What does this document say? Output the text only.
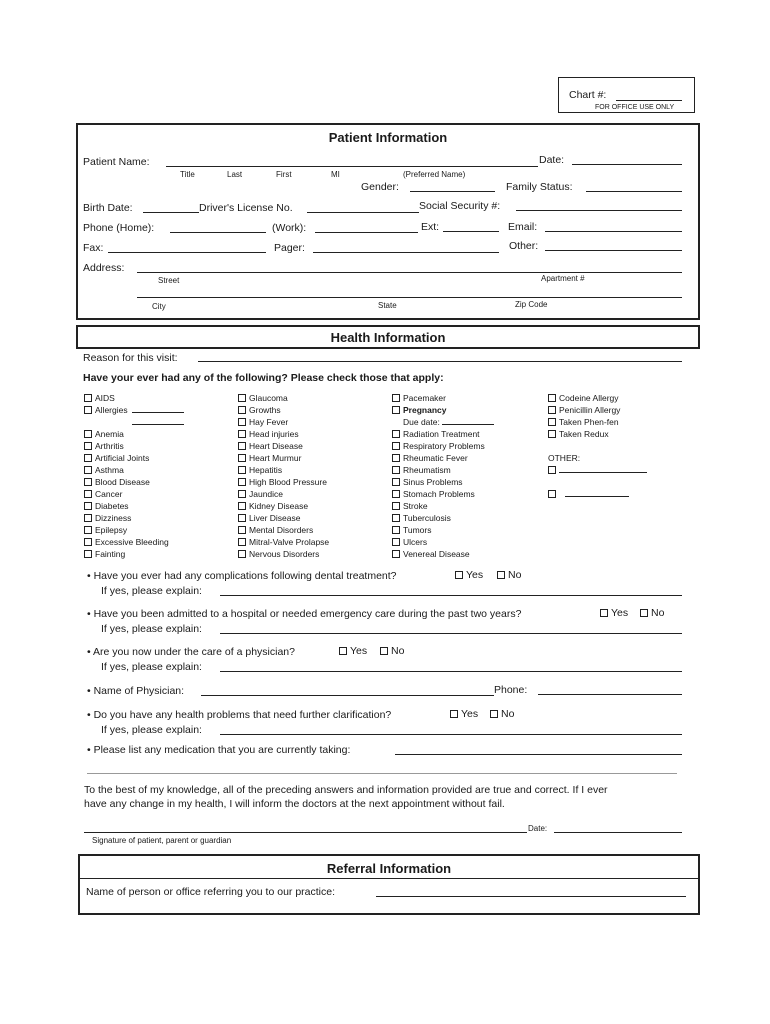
Chart #:
FOR OFFICE USE ONLY
Patient Information
Patient Name:	Date:
Title	Last	First	MI	(Preferred Name)
Gender:	Family Status:
Birth Date:	Driver's License No.	Social Security #:
Phone (Home):	(Work):	Ext:	Email:
Fax:	Pager:	Other:
Address:
Street	Apartment #
City	State	Zip Code
Health Information
Reason for this visit:
Have your ever had any of the following? Please check those that apply:
AIDS
Allergies
Anemia
Arthritis
Artificial Joints
Asthma
Blood Disease
Cancer
Diabetes
Dizziness
Epilepsy
Excessive Bleeding
Fainting
Glaucoma
Growths
Hay Fever
Head injuries
Heart Disease
Heart Murmur
Hepatitis
High Blood Pressure
Jaundice
Kidney Disease
Liver Disease
Mental Disorders
Mitral-Valve Prolapse
Nervous Disorders
Pacemaker
Pregnancy
Due date:
Radiation Treatment
Respiratory Problems
Rheumatic Fever
Rheumatism
Sinus Problems
Stomach Problems
Stroke
Tuberculosis
Tumors
Ulcers
Venereal Disease
Codeine Allergy
Penicillin Allergy
Taken Phen-fen
Taken Redux
OTHER:
• Have you ever had any complications following dental treatment?	Yes	No
If yes, please explain:
• Have you been admitted to a hospital or needed emergency care during the past two years?	Yes	No
If yes, please explain:
• Are you now under the care of a physician?	Yes	No
If yes, please explain:
• Name of Physician:	Phone:
• Do you have any health problems that need further clarification?	Yes	No
If yes, please explain:
• Please list any medication that you are currently taking:
To the best of my knowledge, all of the preceding answers and information provided are true and correct. If I ever
have any change in my health, I will inform the doctors at the next appointment without fail.
Date:
Signature of patient, parent or guardian
Referral Information
Name of person or office referring you to our practice:
